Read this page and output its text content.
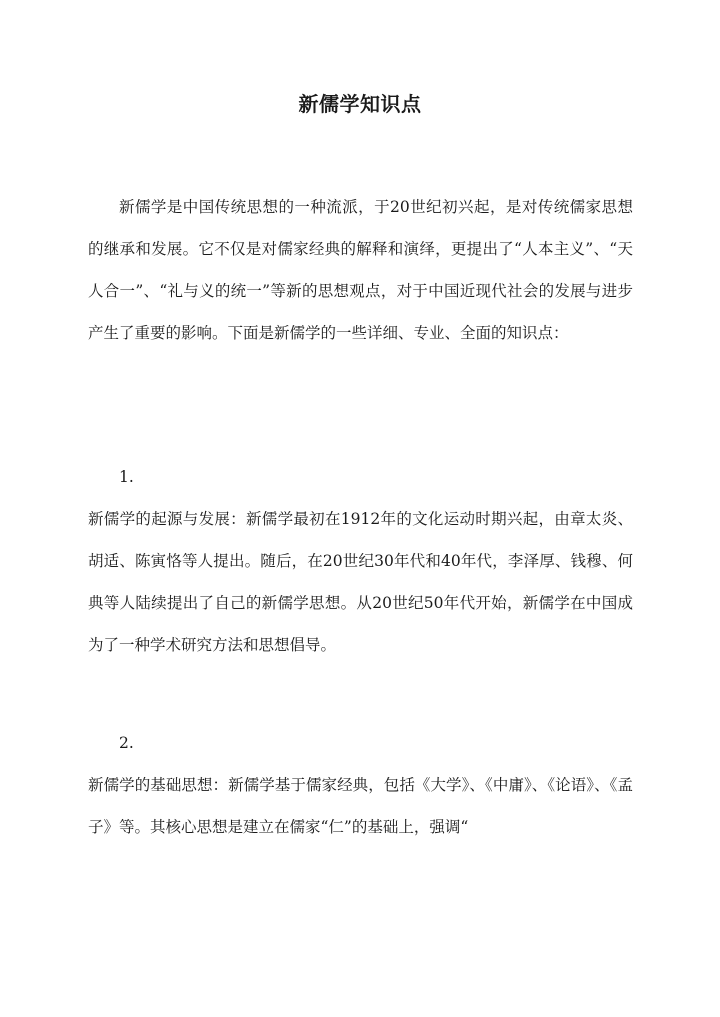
新儒学知识点
新儒学是中国传统思想的一种流派，于20世纪初兴起，是对传统儒家思想的继承和发展。它不仅是对儒家经典的解释和演绎，更提出了“人本主义”、“天人合一”、“礼与义的统一”等新的思想观点，对于中国近现代社会的发展与进步产生了重要的影响。下面是新儒学的一些详细、专业、全面的知识点：
1.
新儒学的起源与发展：新儒学最初在1912年的文化运动时期兴起，由章太炎、胡适、陈寅恪等人提出。随后，在20世纪30年代和40年代，李泽厚、钱穆、何典等人陆续提出了自己的新儒学思想。从20世纪50年代开始，新儒学在中国成为了一种学术研究方法和思想倡导。
2.
新儒学的基础思想：新儒学基于儒家经典，包括《大学》、《中庸》、《论语》、《孟子》等。其核心思想是建立在儒家“仁”的基础上，强调“
